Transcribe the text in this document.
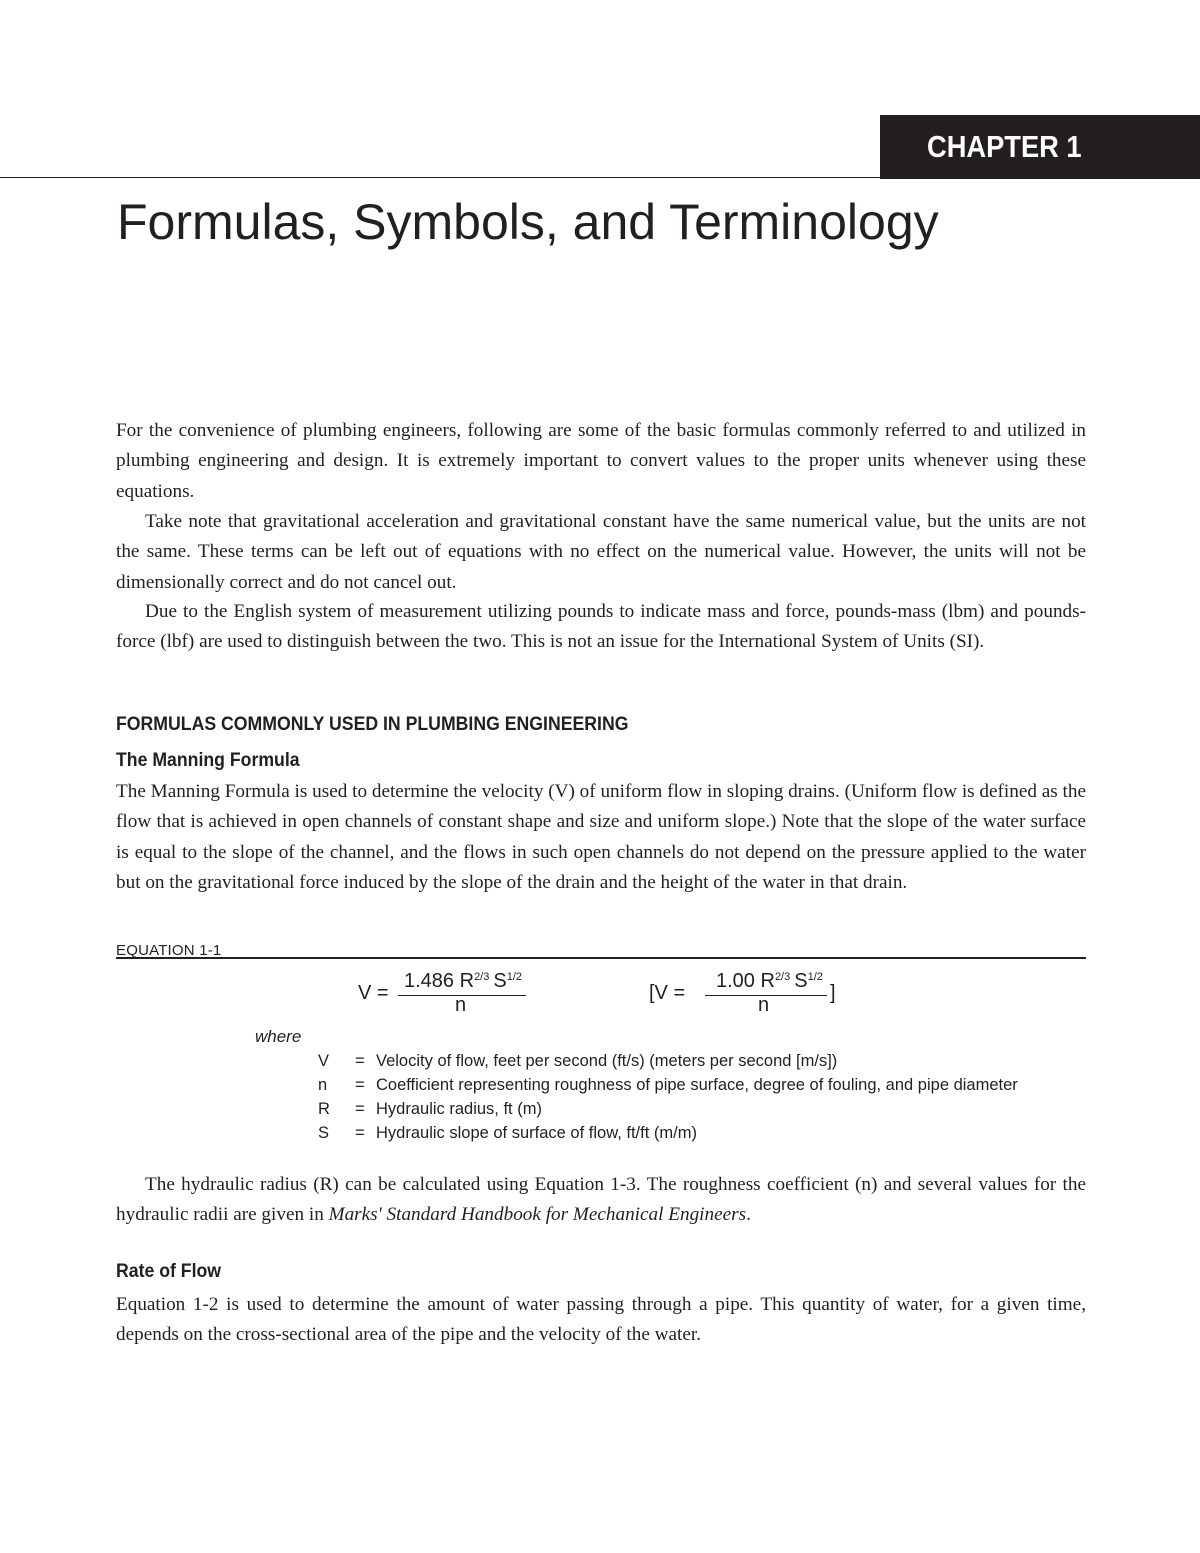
CHAPTER 1
Formulas, Symbols, and Terminology

For the convenience of plumbing engineers, following are some of the basic formulas commonly referred to and utilized in plumbing engineering and design. It is extremely important to convert values to the proper units whenever using these equations.

Take note that gravitational acceleration and gravitational constant have the same numerical value, but the units are not the same. These terms can be left out of equations with no effect on the numerical value. However, the units will not be dimensionally correct and do not cancel out.

Due to the English system of measurement utilizing pounds to indicate mass and force, pounds-mass (lbm) and pounds-force (lbf) are used to distinguish between the two. This is not an issue for the International System of Units (SI).

FORMULAS COMMONLY USED IN PLUMBING ENGINEERING
The Manning Formula

The Manning Formula is used to determine the velocity (V) of uniform flow in sloping drains. (Uniform flow is defined as the flow that is achieved in open channels of constant shape and size and uniform slope.) Note that the slope of the water surface is equal to the slope of the channel, and the flows in such open channels do not depend on the pressure applied to the water but on the gravitational force induced by the slope of the drain and the height of the water in that drain.

EQUATION 1-1
V =
1.486 $R^{2/3}$  $S^{1/2}$
n
[V =
1.00 $R^{2/3}$  $S^{1/2}$
n
]
where
V	= Velocity of flow, feet per second (ft/s) (meters per second [m/s])
n	= Coefficient representing roughness of pipe surface, degree of fouling, and pipe diameter
R = Hydraulic radius, ft (m)
S	= Hydraulic slope of surface of flow, ft/ft (m/m)

The hydraulic radius (R) can be calculated using Equation 1-3. The roughness coefficient (n) and several values for the hydraulic radii are given in Marks' Standard Handbook for Mechanical Engineers.

Rate of Flow

Equation 1-2 is used to determine the amount of water passing through a pipe. This quantity of water, for a given time, depends on the cross-sectional area of the pipe and the velocity of the water.
